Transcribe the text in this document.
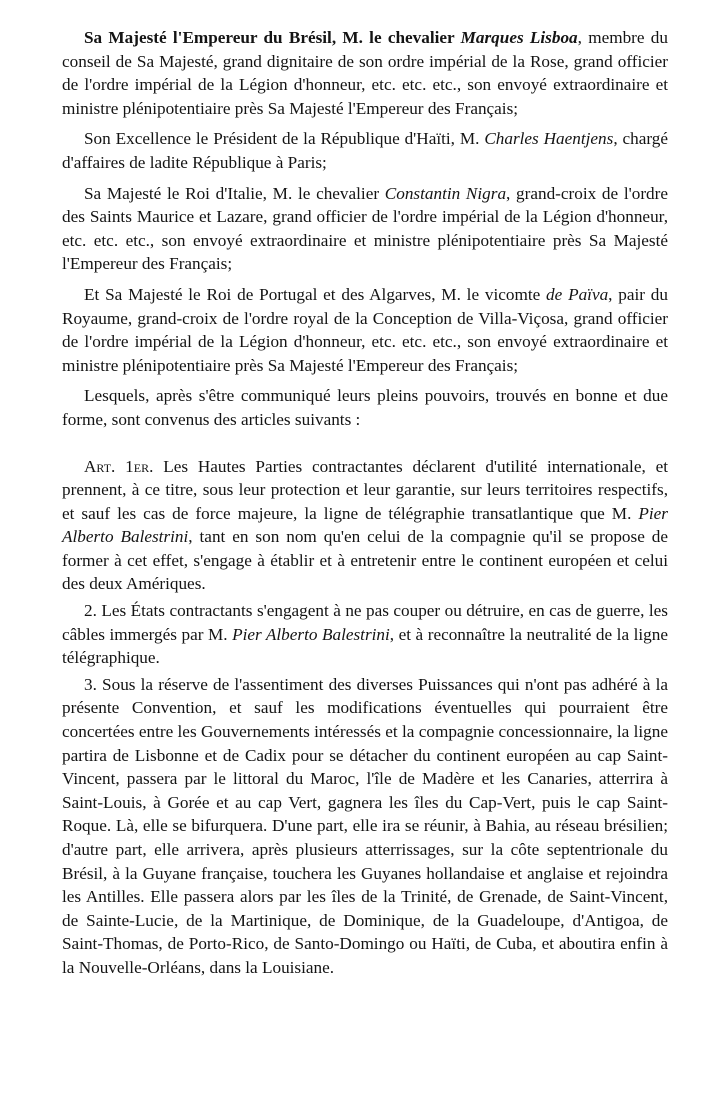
Sa Majesté l'Empereur du Brésil, M. le chevalier Marques Lisboa, membre du conseil de Sa Majesté, grand dignitaire de son ordre impérial de la Rose, grand officier de l'ordre impérial de la Légion d'honneur, etc. etc. etc., son envoyé extraordinaire et ministre plénipotentiaire près Sa Majesté l'Empereur des Français;

Son Excellence le Président de la République d'Haïti, M. Charles Haentjens, chargé d'affaires de ladite République à Paris;

Sa Majesté le Roi d'Italie, M. le chevalier Constantin Nigra, grand-croix de l'ordre des Saints Maurice et Lazare, grand officier de l'ordre impérial de la Légion d'honneur, etc. etc. etc., son envoyé extraordinaire et ministre plénipotentiaire près Sa Majesté l'Empereur des Français;

Et Sa Majesté le Roi de Portugal et des Algarves, M. le vicomte de Païva, pair du Royaume, grand-croix de l'ordre royal de la Conception de Villa-Viçosa, grand officier de l'ordre impérial de la Légion d'honneur, etc. etc. etc., son envoyé extraordinaire et ministre plénipotentiaire près Sa Majesté l'Empereur des Français;

Lesquels, après s'être communiqué leurs pleins pouvoirs, trouvés en bonne et due forme, sont convenus des articles suivants :

Art. 1er. Les Hautes Parties contractantes déclarent d'utilité internationale, et prennent, à ce titre, sous leur protection et leur garantie, sur leurs territoires respectifs, et sauf les cas de force majeure, la ligne de télégraphie transatlantique que M. Pier Alberto Balestrini, tant en son nom qu'en celui de la compagnie qu'il se propose de former à cet effet, s'engage à établir et à entretenir entre le continent européen et celui des deux Amériques.

2. Les États contractants s'engagent à ne pas couper ou détruire, en cas de guerre, les câbles immergés par M. Pier Alberto Balestrini, et à reconnaître la neutralité de la ligne télégraphique.

3. Sous la réserve de l'assentiment des diverses Puissances qui n'ont pas adhéré à la présente Convention, et sauf les modifications éventuelles qui pourraient être concertées entre les Gouvernements intéressés et la compagnie concessionnaire, la ligne partira de Lisbonne et de Cadix pour se détacher du continent européen au cap Saint-Vincent, passera par le littoral du Maroc, l'île de Madère et les Canaries, atterrira à Saint-Louis, à Gorée et au cap Vert, gagnera les îles du Cap-Vert, puis le cap Saint-Roque. Là, elle se bifurquera. D'une part, elle ira se réunir, à Bahia, au réseau brésilien; d'autre part, elle arrivera, après plusieurs atterrissages, sur la côte septentrionale du Brésil, à la Guyane française, touchera les Guyanes hollandaise et anglaise et rejoindra les Antilles. Elle passera alors par les îles de la Trinité, de Grenade, de Saint-Vincent, de Sainte-Lucie, de la Martinique, de Dominique, de la Guadeloupe, d'Antigoa, de Saint-Thomas, de Porto-Rico, de Santo-Domingo ou Haïti, de Cuba, et aboutira enfin à la Nouvelle-Orléans, dans la Louisiane.
